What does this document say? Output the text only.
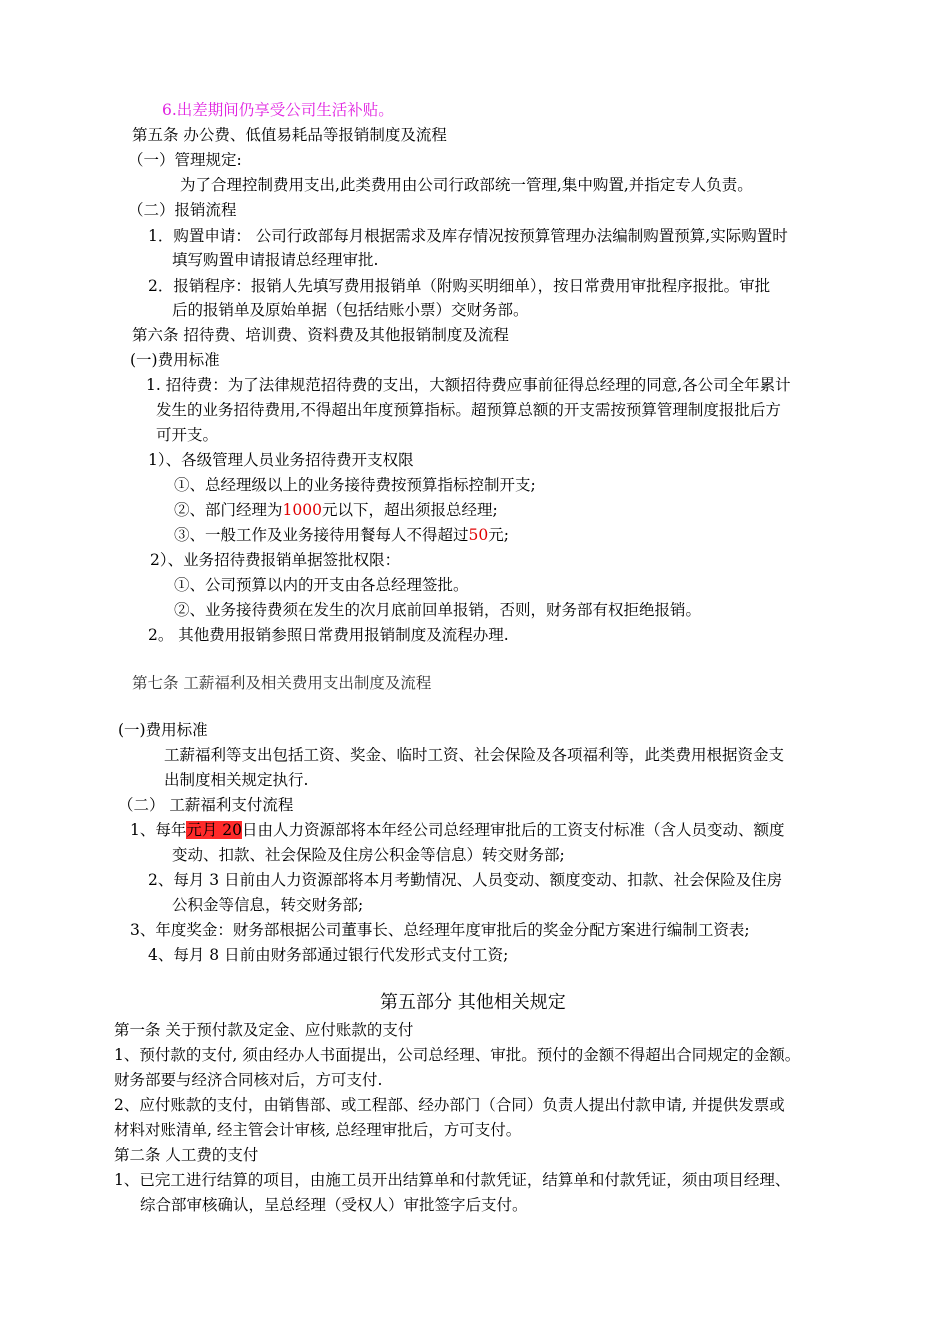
6.出差期间仍享受公司生活补贴。
第五条 办公费、低值易耗品等报销制度及流程
（一）管理规定:
为了合理控制费用支出,此类费用由公司行政部统一管理,集中购置,并指定专人负责。
（二）报销流程
1．购置申请： 公司行政部每月根据需求及库存情况按预算管理办法编制购置预算,实际购置时
填写购置申请报请总经理审批.
2．报销程序：报销人先填写费用报销单（附购买明细单），按日常费用审批程序报批。审批
后的报销单及原始单据（包括结账小票）交财务部。
第六条 招待费、培训费、资料费及其他报销制度及流程
(一)费用标准
1. 招待费：为了法律规范招待费的支出，大额招待费应事前征得总经理的同意,各公司全年累计
发生的业务招待费用,不得超出年度预算指标。超预算总额的开支需按预算管理制度报批后方
可开支。
1）、各级管理人员业务招待费开支权限
①、总经理级以上的业务接待费按预算指标控制开支;
②、部门经理为1000元以下，超出须报总经理;
③、一般工作及业务接待用餐每人不得超过50元;
2）、业务招待费报销单据签批权限：
①、公司预算以内的开支由各总经理签批。
②、业务接待费须在发生的次月底前回单报销，否则，财务部有权拒绝报销。
2。 其他费用报销参照日常费用报销制度及流程办理.
第七条 工薪福利及相关费用支出制度及流程
(一)费用标准
工薪福利等支出包括工资、奖金、临时工资、社会保险及各项福利等，此类费用根据资金支
出制度相关规定执行.
（二） 工薪福利支付流程
1、每年元月 20日由人力资源部将本年经公司总经理审批后的工资支付标准（含人员变动、额度
变动、扣款、社会保险及住房公积金等信息）转交财务部;
2、每月 3 日前由人力资源部将本月考勤情况、人员变动、额度变动、扣款、社会保险及住房
公积金等信息，转交财务部;
3、年度奖金：财务部根据公司董事长、总经理年度审批后的奖金分配方案进行编制工资表;
4、每月 8 日前由财务部通过银行代发形式支付工资;
第五部分 其他相关规定
第一条 关于预付款及定金、应付账款的支付
1、预付款的支付, 须由经办人书面提出，公司总经理、审批。预付的金额不得超出合同规定的金额。
财务部要与经济合同核对后，方可支付.
2、应付账款的支付，由销售部、或工程部、经办部门（合同）负责人提出付款申请, 并提供发票或
材料对账清单, 经主管会计审核, 总经理审批后，方可支付。
第二条 人工费的支付
1、已完工进行结算的项目，由施工员开出结算单和付款凭证，结算单和付款凭证，须由项目经理、
综合部审核确认，呈总经理（受权人）审批签字后支付。
